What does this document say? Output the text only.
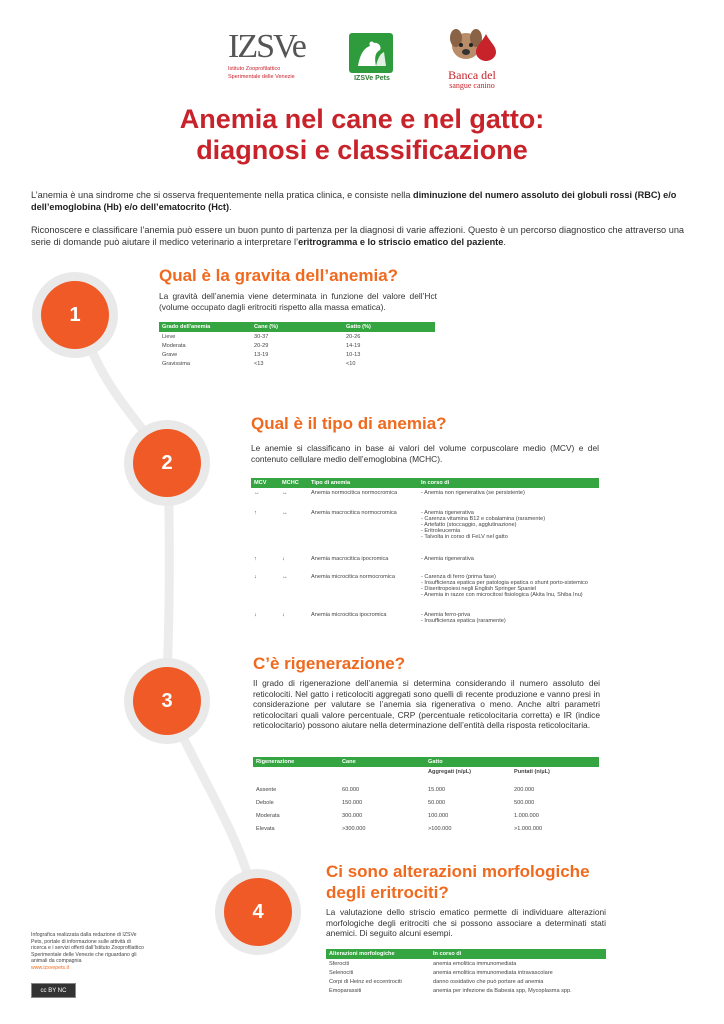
IZSVe
Istituto Zooprofilattico
Sperimentale delle Venezie	IZSVe Pets	Banca del
sangue canino
Anemia nel cane e nel gatto:
diagnosi e classificazione
L’anemia è una sindrome che si osserva frequentemente nella pratica clinica, e consiste nella diminuzione del numero assoluto dei globuli rossi (RBC) e/o dell’emoglobina (Hb) e/o dell’ematocrito (Hct).
Riconoscere e classificare l’anemia può essere un buon punto di partenza per la diagnosi di varie affezioni. Questo è un percorso diagnostico che attraverso una serie di domande può aiutare il medico veterinario a interpretare l’eritrogramma e lo striscio ematico del paziente.
1
Qual è la gravita dell’anemia?
La gravità dell’anemia viene determinata in funzione del valore dell’Hct (volume occupato dagli eritrociti rispetto alla massa ematica).
Grado dell'anemia	Cane (%)	Gatto (%)
Lieve	30-37	20-26
Moderata	20-29	14-19
Grave	13-19	10-13
Gravissima	<13	<10
2
Qual è il tipo di anemia?
Le anemie si classificano in base ai valori del volume corpuscolare medio (MCV) e del contenuto cellulare medio dell’emoglobina (MCHC).
MCV	MCHC	Tipo di anemia	In corso di
↔	↔	Anemia normocitica normocromica	- Anemia non rigenerativa (se persistente)
↑	↔	Anemia macrocitica normocromica	- Anemia rigenerativa
- Carenza vitamina B12 e cobalamina (raramente)
- Artefatto (stoccaggio, agglutinazione)
- Eritroleucemia
- Talvolta in corso di FeLV nel gatto
↑	↓	Anemia macrocitica ipocromica	- Anemia rigenerativa
↓	↔	Anemia microcitica normocromica	- Carenza di ferro (prima fase)
- Insufficienza epatica per patologia epatica o shunt porto-sistemico
- Diseritropoiesi negli English Springer Spaniel
- Anemia in razze con microcitosi fisiologica (Akita Inu, Shiba Inu)
↓	↓	Anemia microcitica ipocromica	- Anemia ferro-priva
- Insufficienza epatica (raramente)
3
C’è rigenerazione?
Il grado di rigenerazione dell’anemia si determina considerando il numero assoluto dei reticolociti. Nel gatto i reticolociti aggregati sono quelli di recente produzione e vanno presi in considerazione per valutare se l’anemia sia rigenerativa o meno. Anche altri parametri reticolocitari quali valore percentuale, CRP (percentuale reticolocitaria corretta) e IR (indice reticolocitario) possono aiutare nella determinazione dell’entità della risposta reticolocitaria.
Rigenerazione	Cane	Gatto	
		Aggregati (n/µL)	Puntati (n/µL)
Assente	60.000	15.000	200.000
Debole	150.000	50.000	500.000
Moderata	300.000	100.000	1.000.000
Elevata	>300.000	>100.000	>1.000.000
4
Ci sono alterazioni morfologiche
degli eritrociti?
La valutazione dello striscio ematico permette di individuare alterazioni morfologiche degli eritrociti che si possono associare a determinati stati anemici. Di seguito alcuni esempi.
Alterazioni morfologiche	In corso di
Sferociti	anemia emolitica immunomediata
Selenociti	anemia emolitica immunomediata intravascolare
Corpi di Heinz ed eccentrociti	danno ossidativo che può portare ad anemia
Emoparassiti	anemia per infezione da Babesia spp, Mycoplasma spp.
Infografica realizzata dalla redazione di IZSVe Pets, portale di informazione sulle attività di ricerca e i servizi offerti dall’Istituto Zooprofilattico Sperimentale delle Venezie che riguardano gli animali da compagnia
www.izsvepets.it
cc BY NC
